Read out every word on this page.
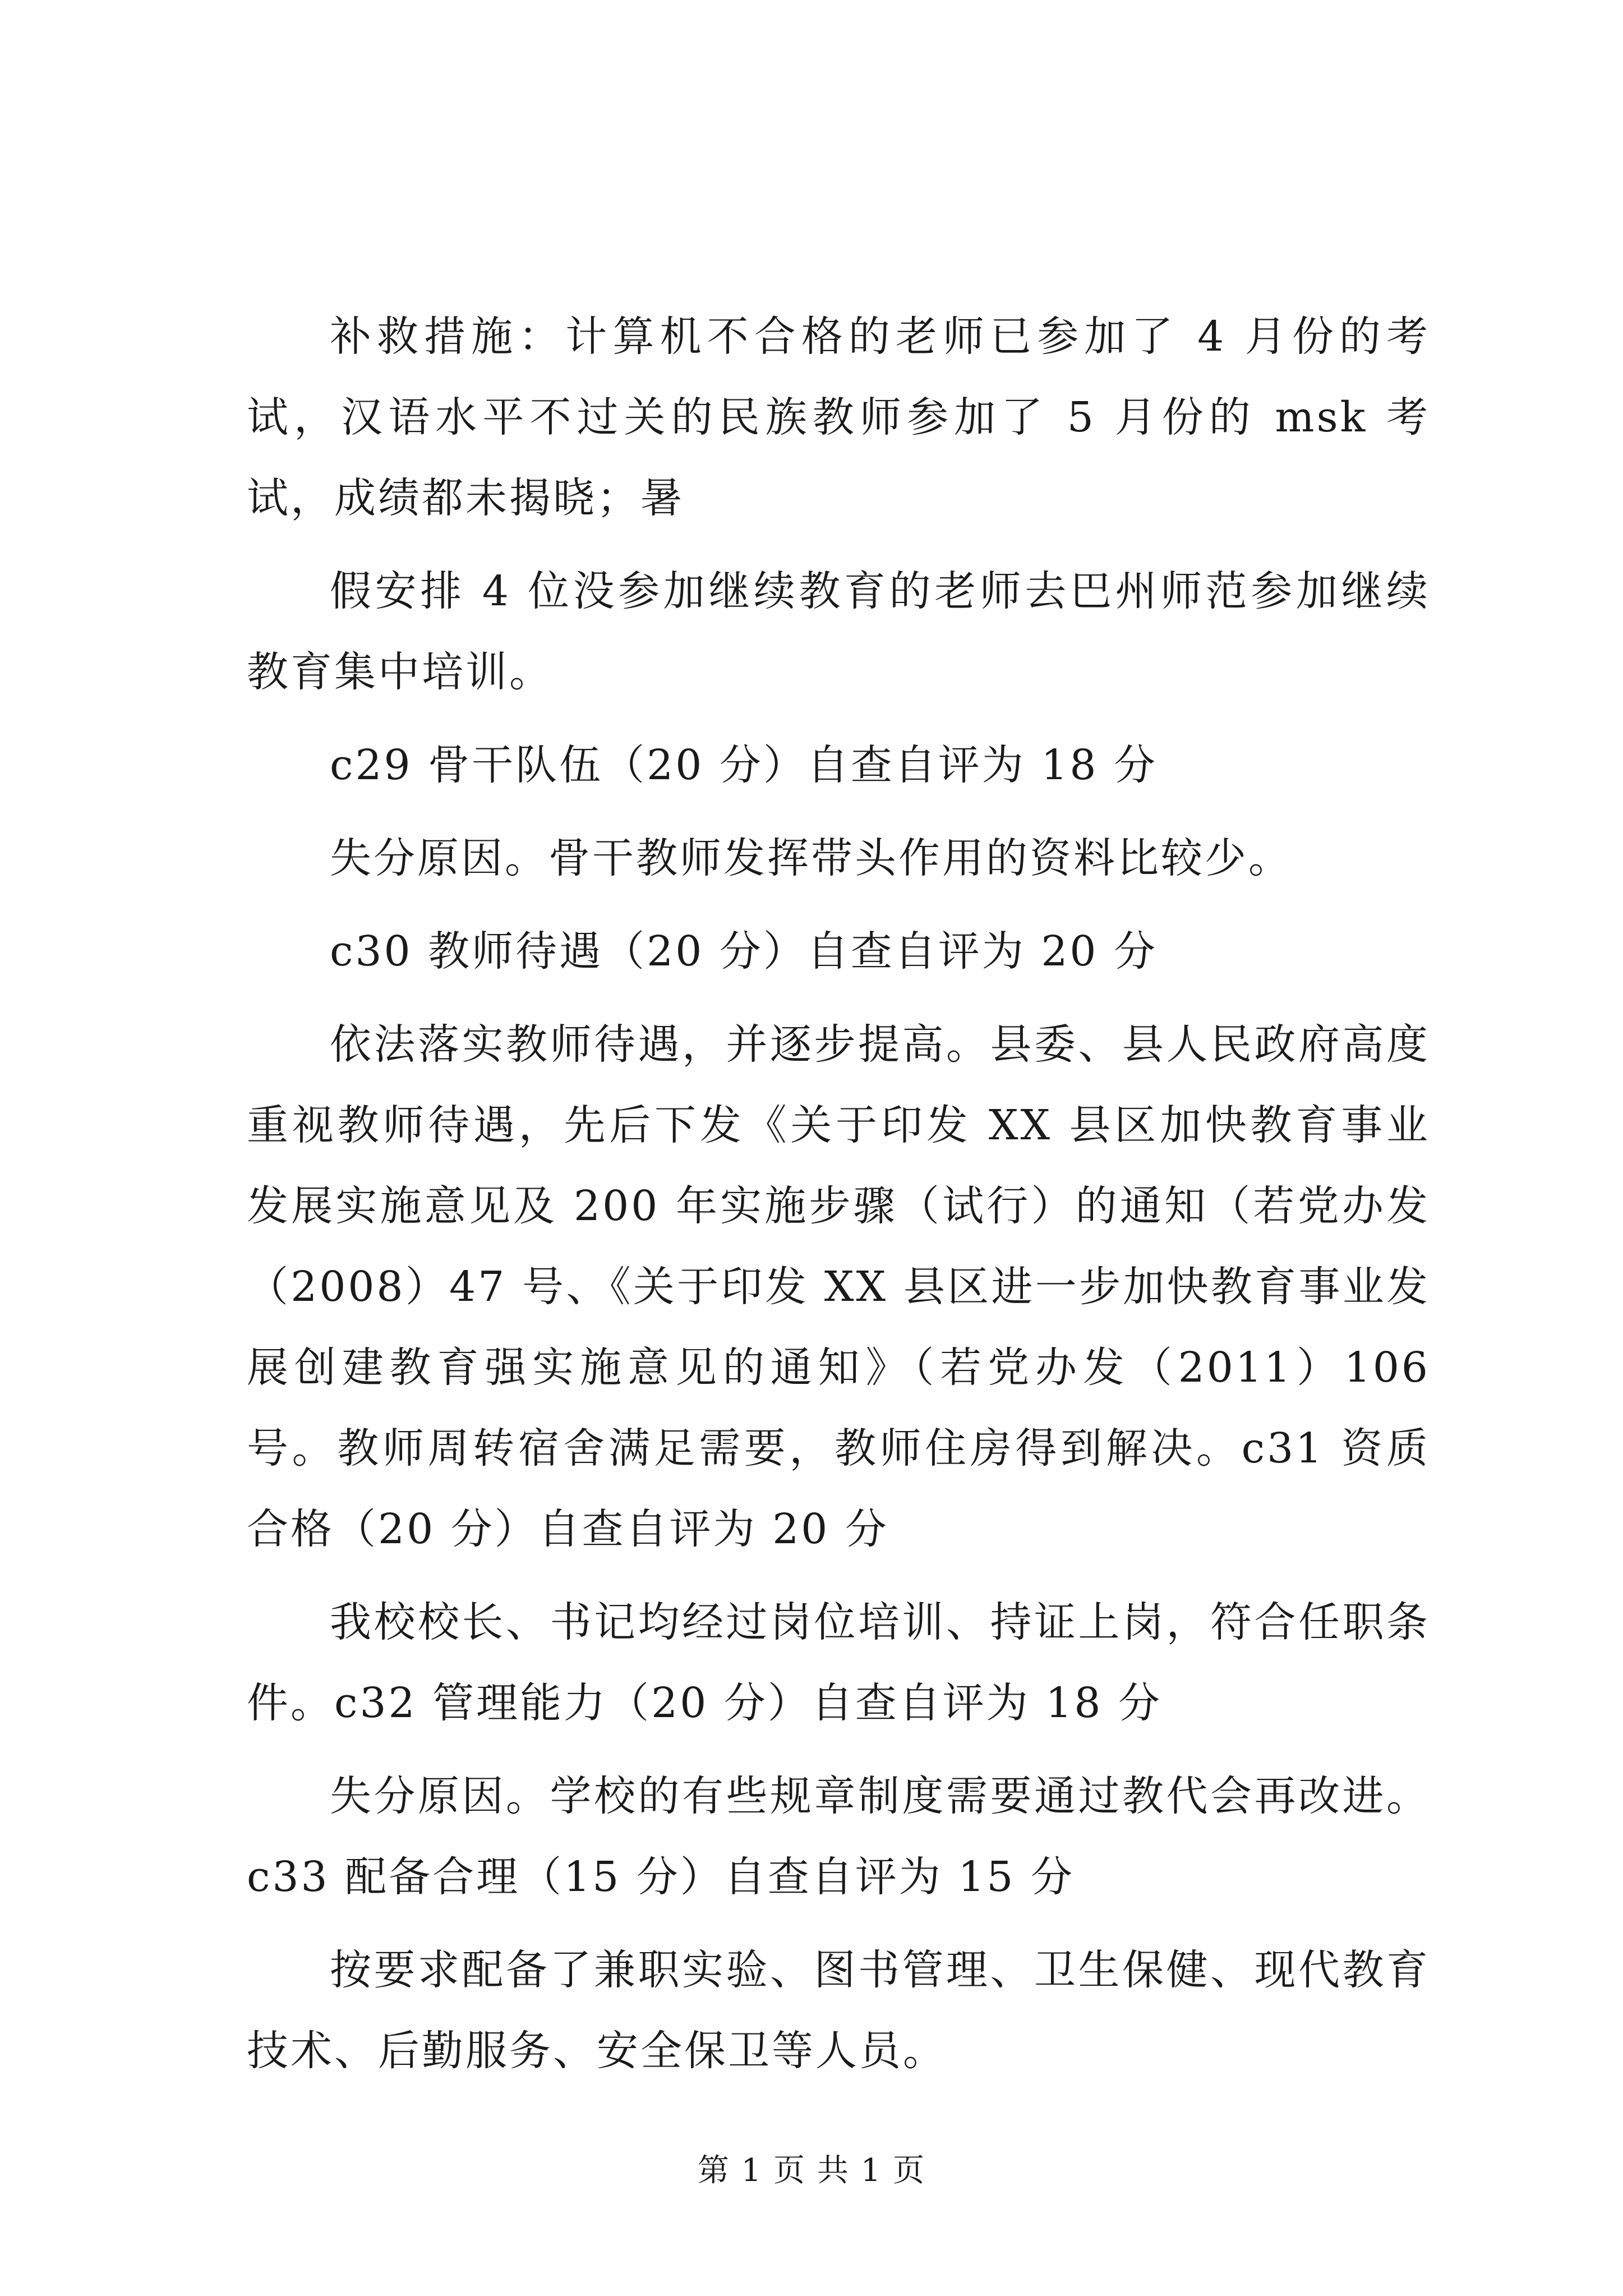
补救措施：计算机不合格的老师已参加了 4 月份的考试，汉语水平不过关的民族教师参加了 5 月份的 msk 考试，成绩都未揭晓；暑

假安排 4 位没参加继续教育的老师去巴州师范参加继续教育集中培训。

c29 骨干队伍（20 分）自查自评为 18 分

失分原因。骨干教师发挥带头作用的资料比较少。

c30 教师待遇（20 分）自查自评为 20 分

依法落实教师待遇，并逐步提高。县委、县人民政府高度重视教师待遇，先后下发《关于印发 XX 县区加快教育事业发展实施意见及 200 年实施步骤（试行）的通知（若党办发（2008）47 号、《关于印发 XX 县区进一步加快教育事业发展创建教育强实施意见的通知》（若党办发（2011）106 号。教师周转宿舍满足需要，教师住房得到解决。c31 资质合格（20 分）自查自评为 20 分

我校校长、书记均经过岗位培训、持证上岗，符合任职条件。c32 管理能力（20 分）自查自评为 18 分

失分原因。学校的有些规章制度需要通过教代会再改进。c33 配备合理（15 分）自查自评为 15 分

按要求配备了兼职实验、图书管理、卫生保健、现代教育技术、后勤服务、安全保卫等人员。

第 1 页 共 1 页
